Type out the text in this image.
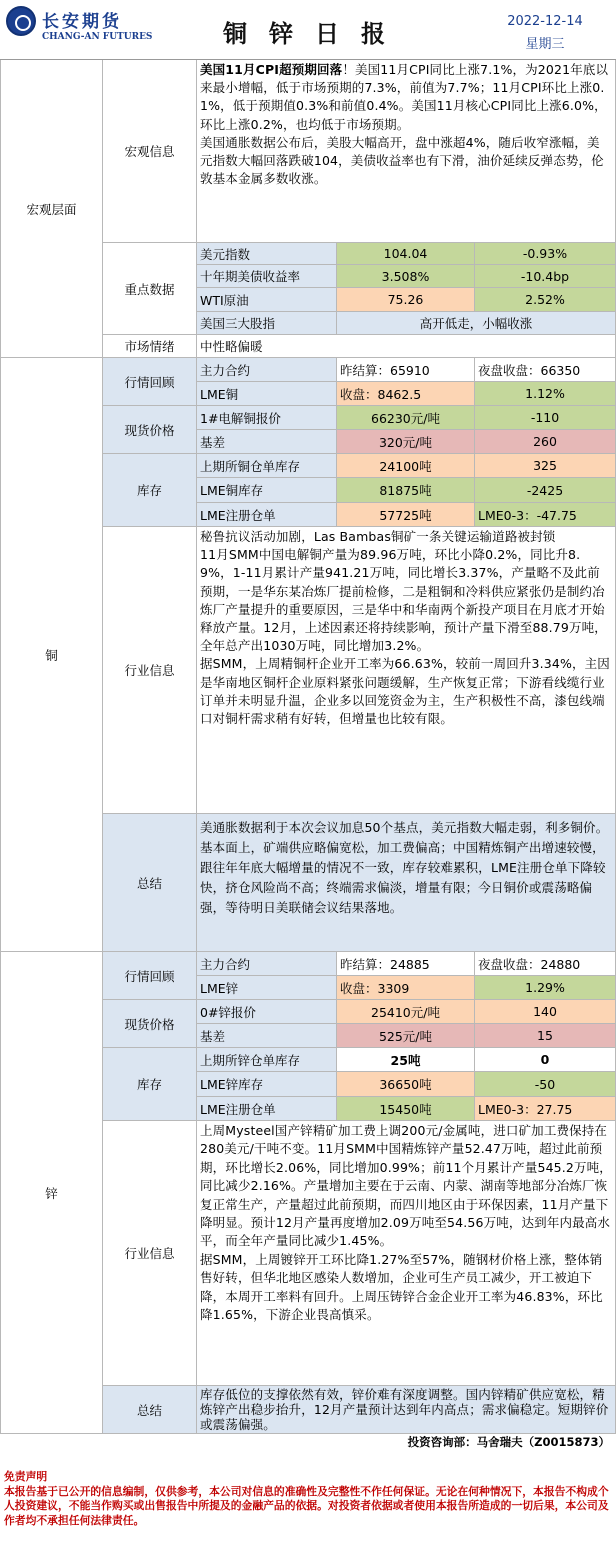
长安期货
CHANG-AN FUTURES	铜锌日报	2022-12-14
星期三
宏观层面
宏观信息

美国11月CPI超预期回落！美国11月CPI同比上涨7.1%，为2021年底以来最小增幅，低于市场预期的7.3%，前值为7.7%；11月CPI环比上涨0.1%，低于预期值0.3%和前值0.4%。美国11月核心CPI同比上涨6.0%，环比上涨0.2%，也均低于市场预期。

美国通胀数据公布后，美股大幅高开，盘中涨超4%，随后收窄涨幅，美元指数大幅回落跌破104，美债收益率也有下滑，油价延续反弹态势，伦敦基本金属多数收涨。

重点数据
美元指数	104.04	-0.93%
十年期美债收益率	3.508%	-10.4bp
WTI原油	75.26	2.52%
美国三大股指	高开低走，小幅收涨
市场情绪	中性略偏暖
铜
行情回顾
主力合约	昨结算：65910	夜盘收盘：66350
LME铜	收盘：8462.5	1.12%
现货价格
1#电解铜报价	66230元/吨	-110
基差	320元/吨	260
库存
上期所铜仓单库存	24100吨	325
LME铜库存	81875吨	-2425
LME注册仓单	57725吨	LME0-3：-47.75
行业信息

秘鲁抗议活动加剧，Las Bambas铜矿一条关键运输道路被封锁

11月SMM中国电解铜产量为89.96万吨，环比小降0.2%，同比升8.9%，1-11月累计产量941.21万吨，同比增长3.37%，产量略不及此前预期，一是华东某冶炼厂提前检修，二是粗铜和冷料供应紧张仍是制约冶炼厂产量提升的重要原因，三是华中和华南两个新投产项目在月底才开始释放产量。12月，上述因素还将持续影响，预计产量下滑至88.79万吨，全年总产出1030万吨，同比增加3.2%。

据SMM，上周精铜杆企业开工率为66.63%，较前一周回升3.34%，主因是华南地区铜杆企业原料紧张问题缓解，生产恢复正常；下游看线缆行业订单并未明显升温，企业多以回笼资金为主，生产积极性不高，漆包线端口对铜杆需求稍有好转，但增量也比较有限。

总结
美通胀数据利于本次会议加息50个基点，美元指数大幅走弱，利多铜价。基本面上，矿端供应略偏宽松，加工费偏高；中国精炼铜产出增速较慢，跟往年年底大幅增量的情况不一致，库存较难累积，LME注册仓单下降较快，挤仓风险尚不高；终端需求偏淡，增量有限；今日铜价或震荡略偏强，等待明日美联储会议结果落地。
锌
行情回顾
主力合约	昨结算：24885	夜盘收盘：24880
LME锌	收盘：3309	1.29%
现货价格
0#锌报价	25410元/吨	140
基差	525元/吨	15
库存
上期所锌仓单库存	25吨	0
LME锌库存	36650吨	-50
LME注册仓单	15450吨	LME0-3：27.75
行业信息

上周Mysteel国产锌精矿加工费上调200元/金属吨，进口矿加工费保持在280美元/干吨不变。11月SMM中国精炼锌产量52.47万吨，超过此前预期，环比增长2.06%，同比增加0.99%；前11个月累计产量545.2万吨，同比减少2.16%。产量增加主要在于云南、内蒙、湖南等地部分冶炼厂恢复正常生产，产量超过此前预期，而四川地区由于环保因素，11月产量下降明显。预计12月产量再度增加2.09万吨至54.56万吨，达到年内最高水平，而全年产量同比减少1.45%。

据SMM，上周镀锌开工环比降1.27%至57%，随钢材价格上涨，整体销售好转，但华北地区感染人数增加，企业可生产员工减少，开工被迫下降，本周开工率料有回升。上周压铸锌合金企业开工率为46.83%，环比降1.65%，下游企业畏高慎采。

总结
库存低位的支撑依然有效，锌价难有深度调整。国内锌精矿供应宽松，精炼锌产出稳步抬升，12月产量预计达到年内高点；需求偏稳定。短期锌价或震荡偏强。
投资咨询部：马舍瑞夫（Z0015873）
免责声明
本报告基于已公开的信息编制，仅供参考，本公司对信息的准确性及完整性不作任何保证。无论在何种情况下，本报告不构成个人投资建议，不能当作购买或出售报告中所提及的金融产品的依据。对投资者依据或者使用本报告所造成的一切后果，本公司及作者均不承担任何法律责任。
